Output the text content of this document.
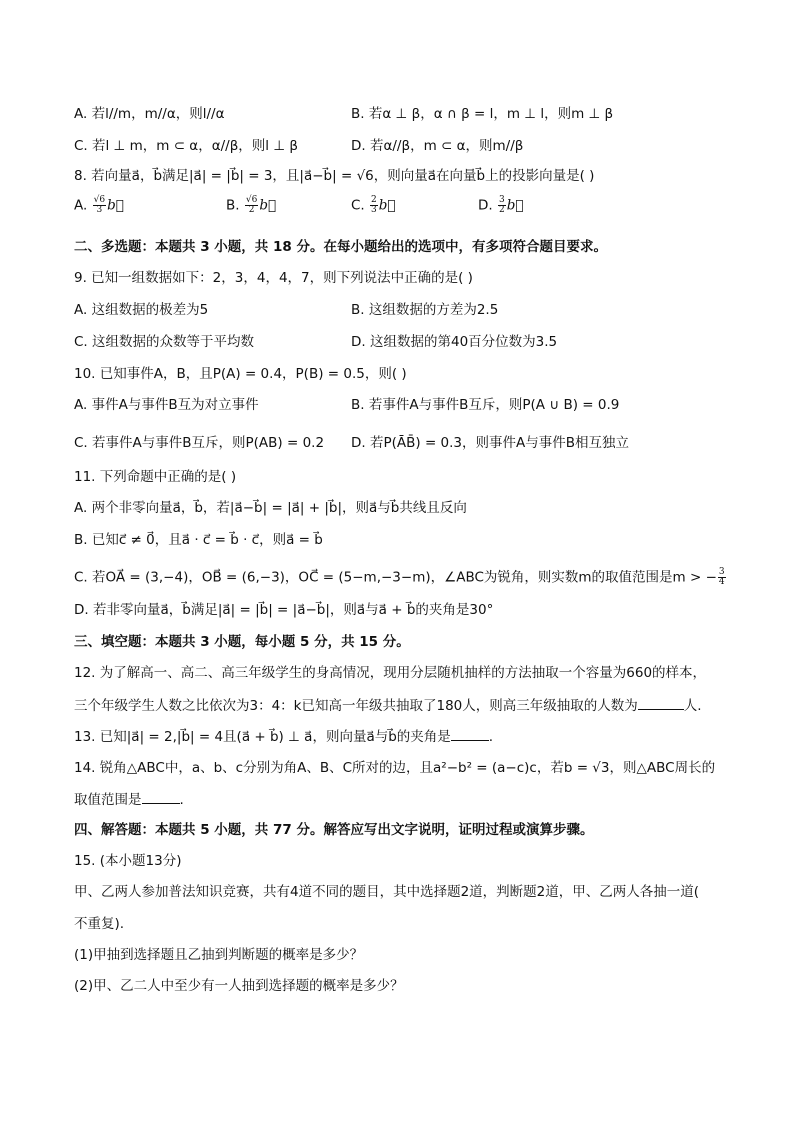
A. 若l//m，m//α，则l//α	B. 若α ⊥ β，α ∩ β = l，m ⊥ l，则m ⊥ β
C. 若l ⊥ m，m ⊂ α，α//β，则l ⊥ β	D. 若α//β，m ⊂ α，则m//β
8. 若向量a⃗，b⃗满足|a⃗| = |b⃗| = 3，且|a⃗−b⃗| = √6，则向量a⃗在向量b⃗上的投影向量是( )
A. $\frac{√6}{3}$ b⃗	B. $\frac{√6}{2}$ b⃗	C. $\frac{2}{3}$ b⃗	D. $\frac{3}{2}$ b⃗
二、多选题：本题共 3 小题，共 18 分。在每小题给出的选项中，有多项符合题目要求。
9. 已知一组数据如下：2，3，4，4，7，则下列说法中正确的是( )
A. 这组数据的极差为5	B. 这组数据的方差为2.5
C. 这组数据的众数等于平均数	D. 这组数据的第40百分位数为3.5
10. 已知事件A，B，且P(A) = 0.4，P(B) = 0.5，则( )
A. 事件A与事件B互为对立事件	B. 若事件A与事件B互斥，则P(A ∪ B) = 0.9
C. 若事件A与事件B互斥，则P(AB) = 0.2 D. 若P(ĀB̄) = 0.3，则事件A与事件B相互独立
11. 下列命题中正确的是( )
A. 两个非零向量a⃗，b⃗，若|a⃗−b⃗| = |a⃗| + |b⃗|，则a⃗与b⃗共线且反向
B. 已知c⃗ ≠ 0⃗，且a⃗ · c⃗ = b⃗ · c⃗，则a⃗ = b⃗
C. 若OA⃗ = (3,−4)，OB⃗ = (6,−3)，OC⃗ = (5−m,−3−m)，∠ABC为锐角，则实数m的取值范围是m > − $\frac{3}{4}$
D. 若非零向量a⃗，b⃗满足|a⃗| = |b⃗| = |a⃗−b⃗|，则a⃗与a⃗ + b⃗的夹角是30°
三、填空题：本题共 3 小题，每小题 5 分，共 15 分。
12. 为了解高一、高二、高三年级学生的身高情况，现用分层随机抽样的方法抽取一个容量为660的样本，
三个年级学生人数之比依次为3：4：k已知高一年级共抽取了180人，则高三年级抽取的人数为	人.
13. 已知|a⃗| = 2,|b⃗| = 4且(a⃗ + b⃗) ⊥ a⃗，则向量a⃗与b⃗的夹角是	.
14. 锐角△ABC中，a、b、c分别为角A、B、C所对的边，且a²−b² = (a−c)c，若b = √3，则△ABC周长的
取值范围是	.
四、解答题：本题共 5 小题，共 77 分。解答应写出文字说明，证明过程或演算步骤。
15. (本小题13分)
甲、乙两人参加普法知识竞赛，共有4道不同的题目，其中选择题2道，判断题2道，甲、乙两人各抽一道(
不重复).
(1)甲抽到选择题且乙抽到判断题的概率是多少？
(2)甲、乙二人中至少有一人抽到选择题的概率是多少？
